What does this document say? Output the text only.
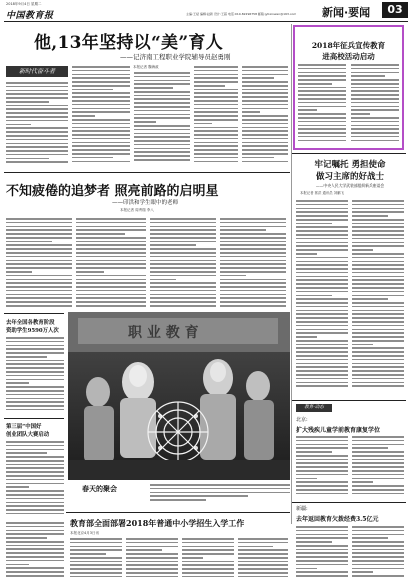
2018年9月4日 星期二
中国教育报	主编:王斌 编辑:赵新 设计:王超 电话:010-82296758 邮箱:jybxinwen@163.com 新闻·要闻	03
他,13年坚持以“美”育人
——记济南工程职业学院辅导员赵勇刚
本报记者 魏海政
新时代奋斗者
2018年征兵宣传教育
进高校活动启动
不知疲倦的追梦者 照亮前路的启明星
——印洪和学生眼中的老师
本报记者 周秀瑞 李八
牢记嘱托 勇担使命
做习主席的好战士
——中央人民大学武装部组织新兵座谈会
本报记者 郭洪 通讯员 刘鹏飞
去年全国各教育阶段
资助学生9590万人次
第三届“中国好
创业团队大赛启动
职 业 教 育
春天的聚会
教育·动态
北京:
扩大残疾儿童学前教育康复学位
新疆:
去年返回教育欠拨经费3.5亿元
教育部全面部署2018年普通中小学招生入学工作
本报北京4月3日讯
